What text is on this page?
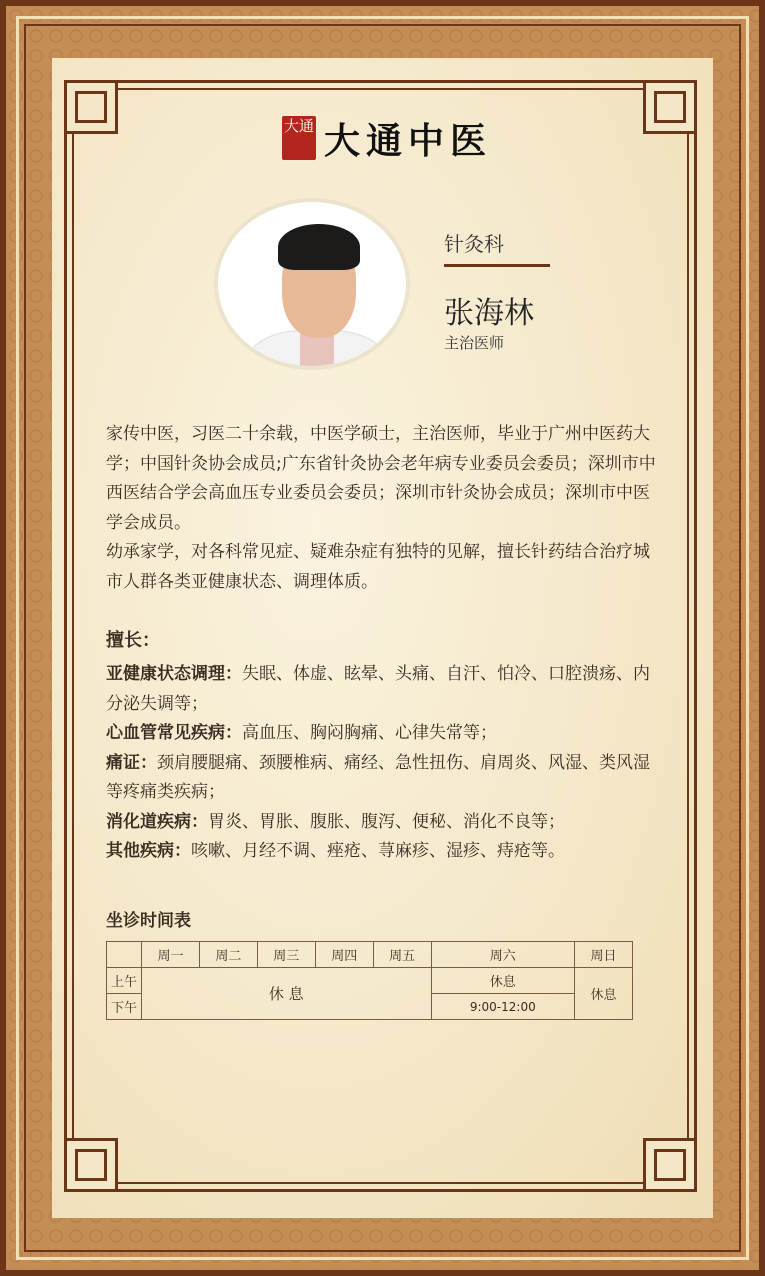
大通 大通中医
针灸科
张海林
主治医师

家传中医，习医二十余载，中医学硕士，主治医师，毕业于广州中医药大学；中国针灸协会成员;广东省针灸协会老年病专业委员会委员；深圳市中西医结合学会高血压专业委员会委员；深圳市针灸协会成员；深圳市中医学会成员。

幼承家学，对各科常见症、疑难杂症有独特的见解，擅长针药结合治疗城市人群各类亚健康状态、调理体质。

擅长：

亚健康状态调理：失眠、体虚、眩晕、头痛、自汗、怕冷、口腔溃疡、内分泌失调等；

心血管常见疾病：高血压、胸闷胸痛、心律失常等；

痛证：颈肩腰腿痛、颈腰椎病、痛经、急性扭伤、肩周炎、风湿、类风湿等疼痛类疾病；

消化道疾病：胃炎、胃胀、腹胀、腹泻、便秘、消化不良等；

其他疾病：咳嗽、月经不调、痤疮、荨麻疹、湿疹、痔疮等。

坐诊时间表
	周一	周二	周三	周四	周五	周六	周日
上午	休 息					休息	休息
下午						9:00-12:00	
